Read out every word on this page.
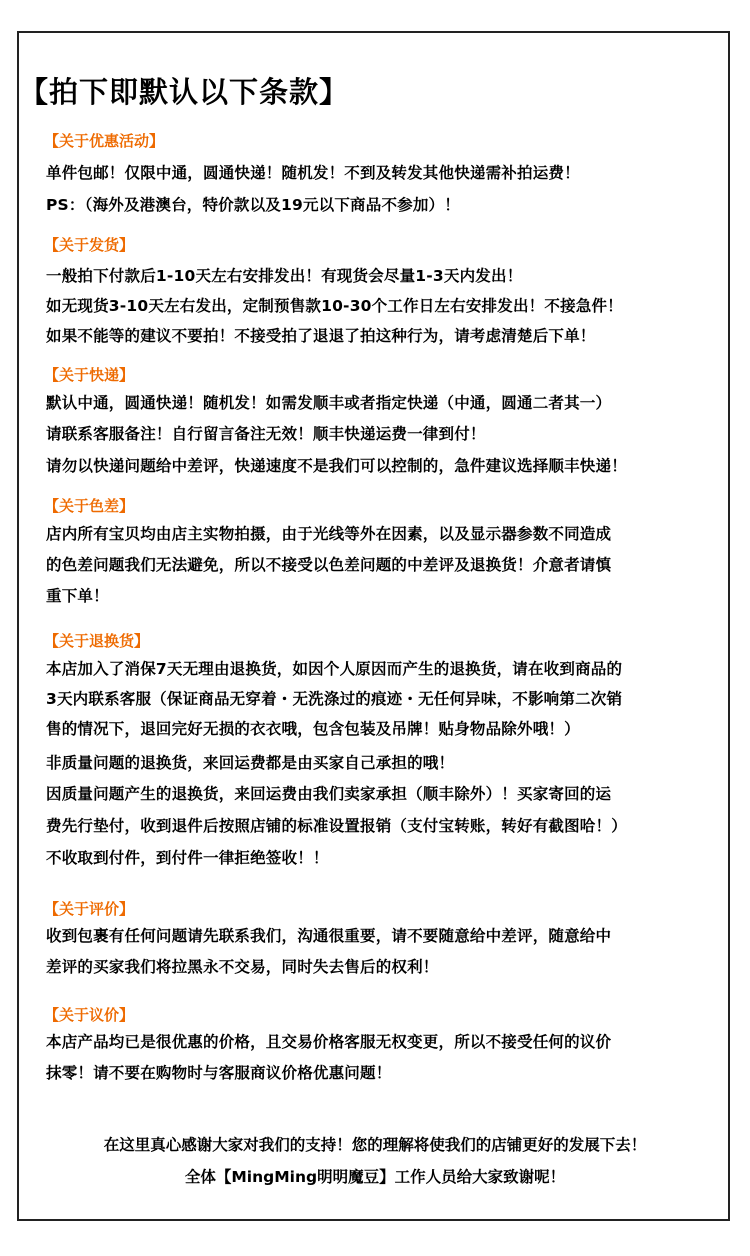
【拍下即默认以下条款】
【关于优惠活动】
单件包邮！仅限中通，圆通快递！随机发！不到及转发其他快递需补拍运费！
PS：（海外及港澳台，特价款以及19元以下商品不参加）！
【关于发货】
一般拍下付款后1-10天左右安排发出！有现货会尽量1-3天内发出！
如无现货3-10天左右发出，定制预售款10-30个工作日左右安排发出！不接急件！
如果不能等的建议不要拍！不接受拍了退退了拍这种行为，请考虑清楚后下单！
【关于快递】
默认中通，圆通快递！随机发！如需发顺丰或者指定快递（中通，圆通二者其一）
请联系客服备注！自行留言备注无效！顺丰快递运费一律到付！
请勿以快递问题给中差评，快递速度不是我们可以控制的，急件建议选择顺丰快递！
【关于色差】
店内所有宝贝均由店主实物拍摄，由于光线等外在因素，以及显示器参数不同造成
的色差问题我们无法避免，所以不接受以色差问题的中差评及退换货！介意者请慎
重下单！
【关于退换货】
本店加入了消保7天无理由退换货，如因个人原因而产生的退换货，请在收到商品的
3天内联系客服（保证商品无穿着・无洗涤过的痕迹・无任何异味，不影响第二次销
售的情况下，退回完好无损的衣衣哦，包含包装及吊牌！贴身物品除外哦！）
非质量问题的退换货，来回运费都是由买家自己承担的哦！
因质量问题产生的退换货，来回运费由我们卖家承担（顺丰除外）！买家寄回的运
费先行垫付，收到退件后按照店铺的标准设置报销（支付宝转账，转好有截图哈！）
不收取到付件，到付件一律拒绝签收！！
【关于评价】
收到包裹有任何问题请先联系我们，沟通很重要，请不要随意给中差评，随意给中
差评的买家我们将拉黑永不交易，同时失去售后的权利！
【关于议价】
本店产品均已是很优惠的价格，且交易价格客服无权变更，所以不接受任何的议价
抹零！请不要在购物时与客服商议价格优惠问题！
在这里真心感谢大家对我们的支持！您的理解将使我们的店铺更好的发展下去！
全体【MingMing明明魔豆】工作人员给大家致谢呢！
